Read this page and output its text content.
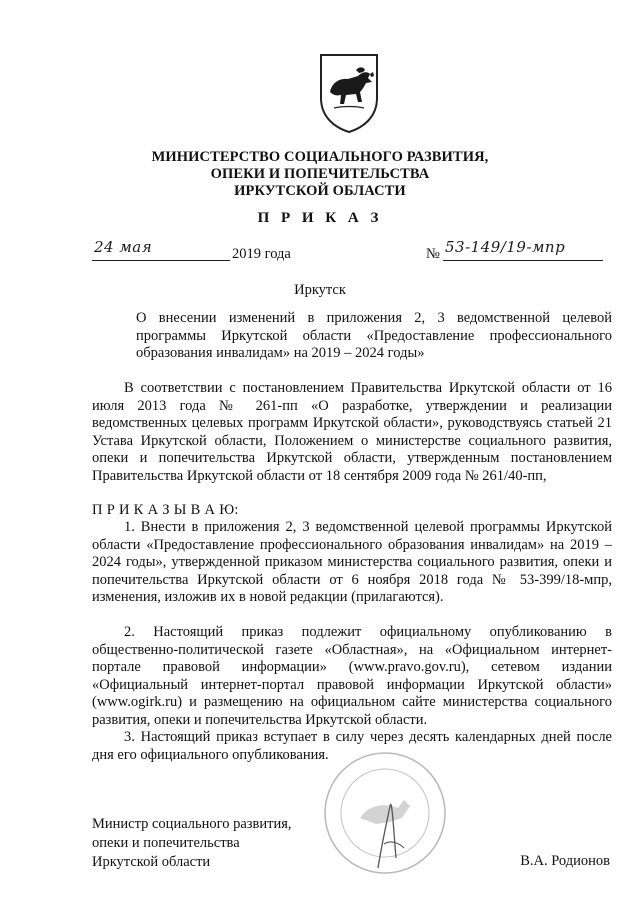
МИНИСТЕРСТВО СОЦИАЛЬНОГО РАЗВИТИЯ,
ОПЕКИ И ПОПЕЧИТЕЛЬСТВА
ИРКУТСКОЙ ОБЛАСТИ
П Р И К А З
24 мая	2019 года	№ 53-149/19-мпр
Иркутск
О внесении изменений в приложения 2, 3 ведомственной целевой программы Иркутской области «Предоставление профессионального образования инвалидам» на 2019 – 2024 годы»
В соответствии с постановлением Правительства Иркутской области от 16 июля 2013 года № 261-пп «О разработке, утверждении и реализации ведомственных целевых программ Иркутской области», руководствуясь статьей 21 Устава Иркутской области, Положением о министерстве социального развития, опеки и попечительства Иркутской области, утвержденным постановлением Правительства Иркутской области от 18 сентября 2009 года № 261/40-пп,
П Р И К А З Ы В А Ю:
1. Внести в приложения 2, 3 ведомственной целевой программы Иркутской области «Предоставление профессионального образования инвалидам» на 2019 – 2024 годы», утвержденной приказом министерства социального развития, опеки и попечительства Иркутской области от 6 ноября 2018 года № 53-399/18-мпр, изменения, изложив их в новой редакции (прилагаются).
2. Настоящий приказ подлежит официальному опубликованию в общественно-политической газете «Областная», на «Официальном интернет-портале правовой информации» (www.pravo.gov.ru), сетевом издании «Официальный интернет-портал правовой информации Иркутской области» (www.ogirk.ru) и размещению на официальном сайте министерства социального развития, опеки и попечительства Иркутской области.
3. Настоящий приказ вступает в силу через десять календарных дней после дня его официального опубликования.
Министр социального развития,
опеки и попечительства
Иркутской области	В.А. Родионов
